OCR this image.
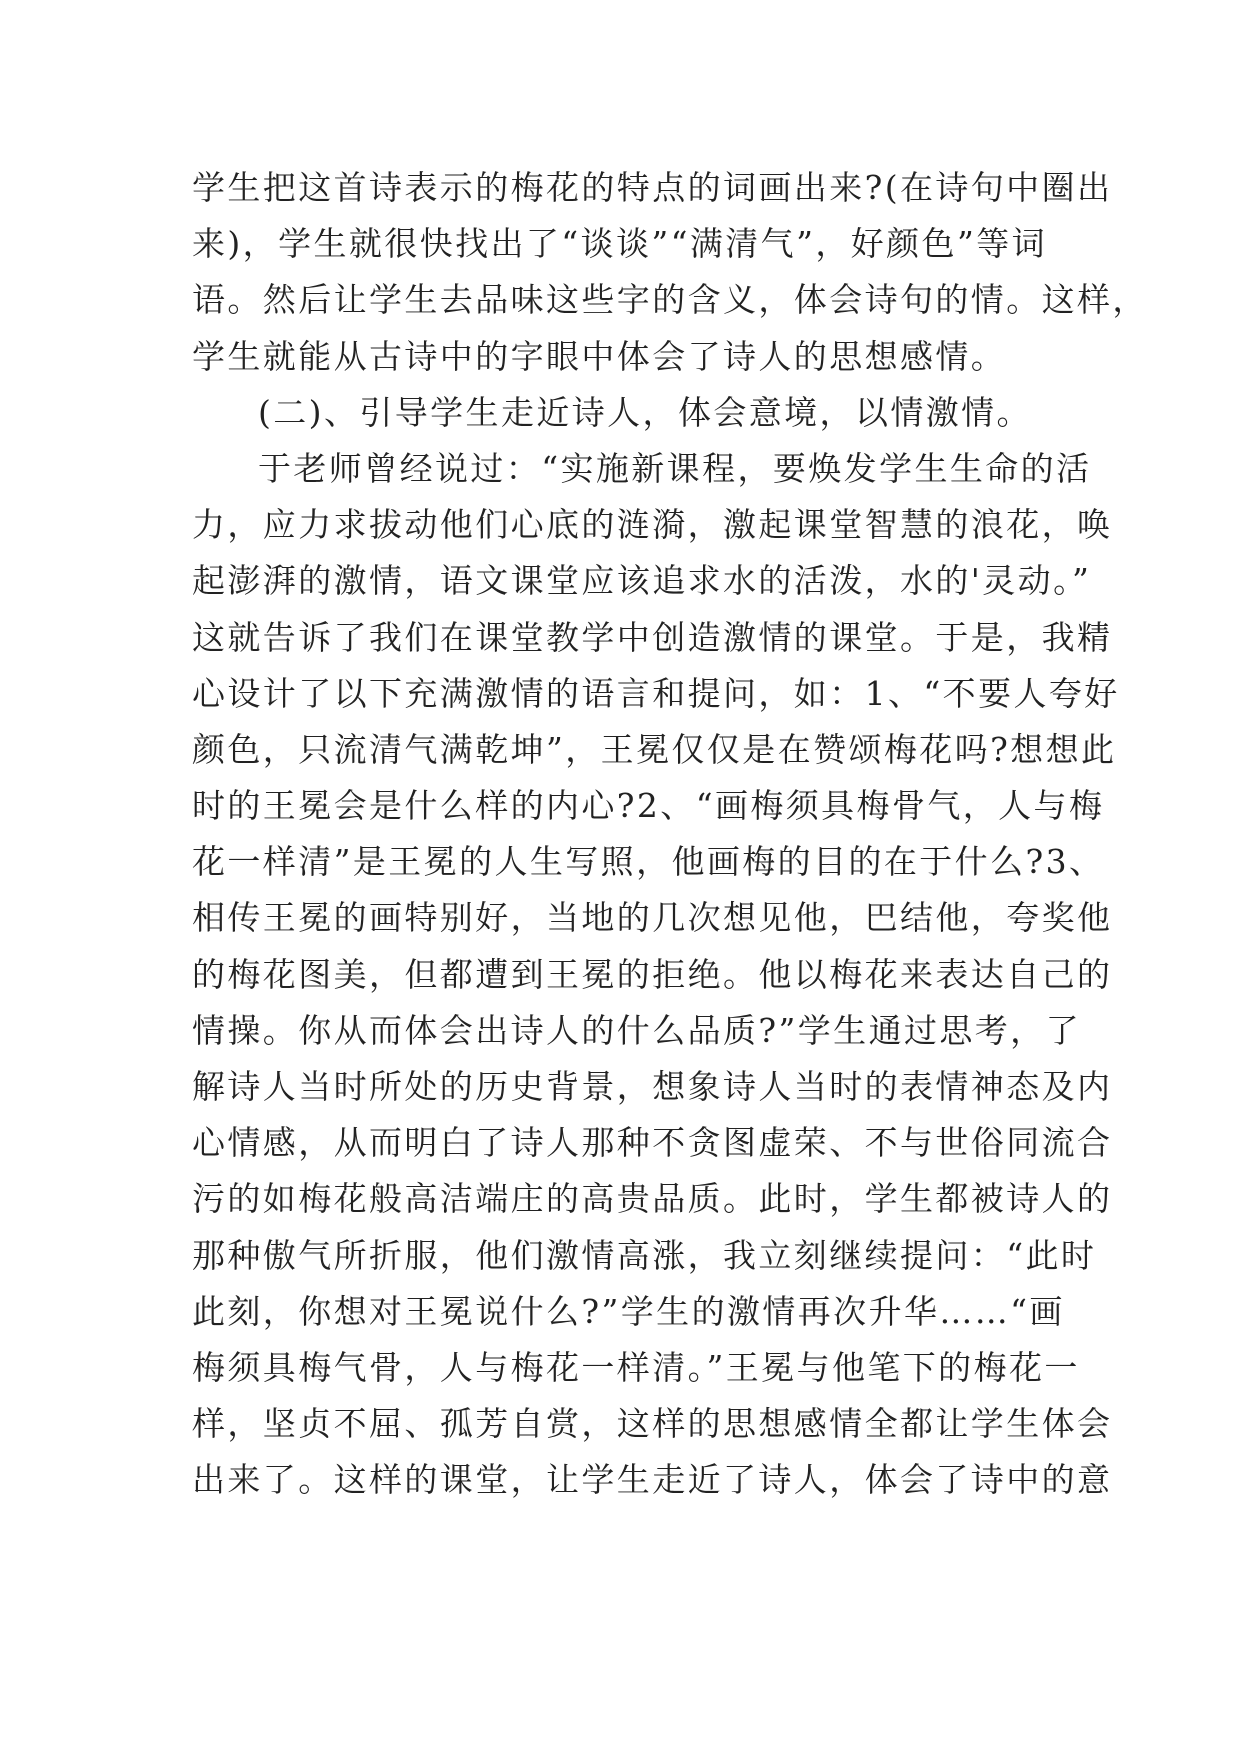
学生把这首诗表示的梅花的特点的词画出来?(在诗句中圈出
来)，学生就很快找出了“谈谈”“满清气”，好颜色”等词
语。然后让学生去品味这些字的含义，体会诗句的情。这样，
学生就能从古诗中的字眼中体会了诗人的思想感情。
(二)、引导学生走近诗人，体会意境，以情激情。
于老师曾经说过：“实施新课程，要焕发学生生命的活
力，应力求拔动他们心底的涟漪，激起课堂智慧的浪花，唤
起澎湃的激情，语文课堂应该追求水的活泼，水的'灵动。”
这就告诉了我们在课堂教学中创造激情的课堂。于是，我精
心设计了以下充满激情的语言和提问，如：1、“不要人夸好
颜色，只流清气满乾坤”，王冕仅仅是在赞颂梅花吗?想想此
时的王冕会是什么样的内心?2、“画梅须具梅骨气，人与梅
花一样清”是王冕的人生写照，他画梅的目的在于什么?3、
相传王冕的画特别好，当地的几次想见他，巴结他，夸奖他
的梅花图美，但都遭到王冕的拒绝。他以梅花来表达自己的
情操。你从而体会出诗人的什么品质?”学生通过思考，了
解诗人当时所处的历史背景，想象诗人当时的表情神态及内
心情感，从而明白了诗人那种不贪图虚荣、不与世俗同流合
污的如梅花般高洁端庄的高贵品质。此时，学生都被诗人的
那种傲气所折服，他们激情高涨，我立刻继续提问：“此时
此刻，你想对王冕说什么?”学生的激情再次升华……“画
梅须具梅气骨，人与梅花一样清。”王冕与他笔下的梅花一
样，坚贞不屈、孤芳自赏，这样的思想感情全都让学生体会
出来了。这样的课堂，让学生走近了诗人，体会了诗中的意
